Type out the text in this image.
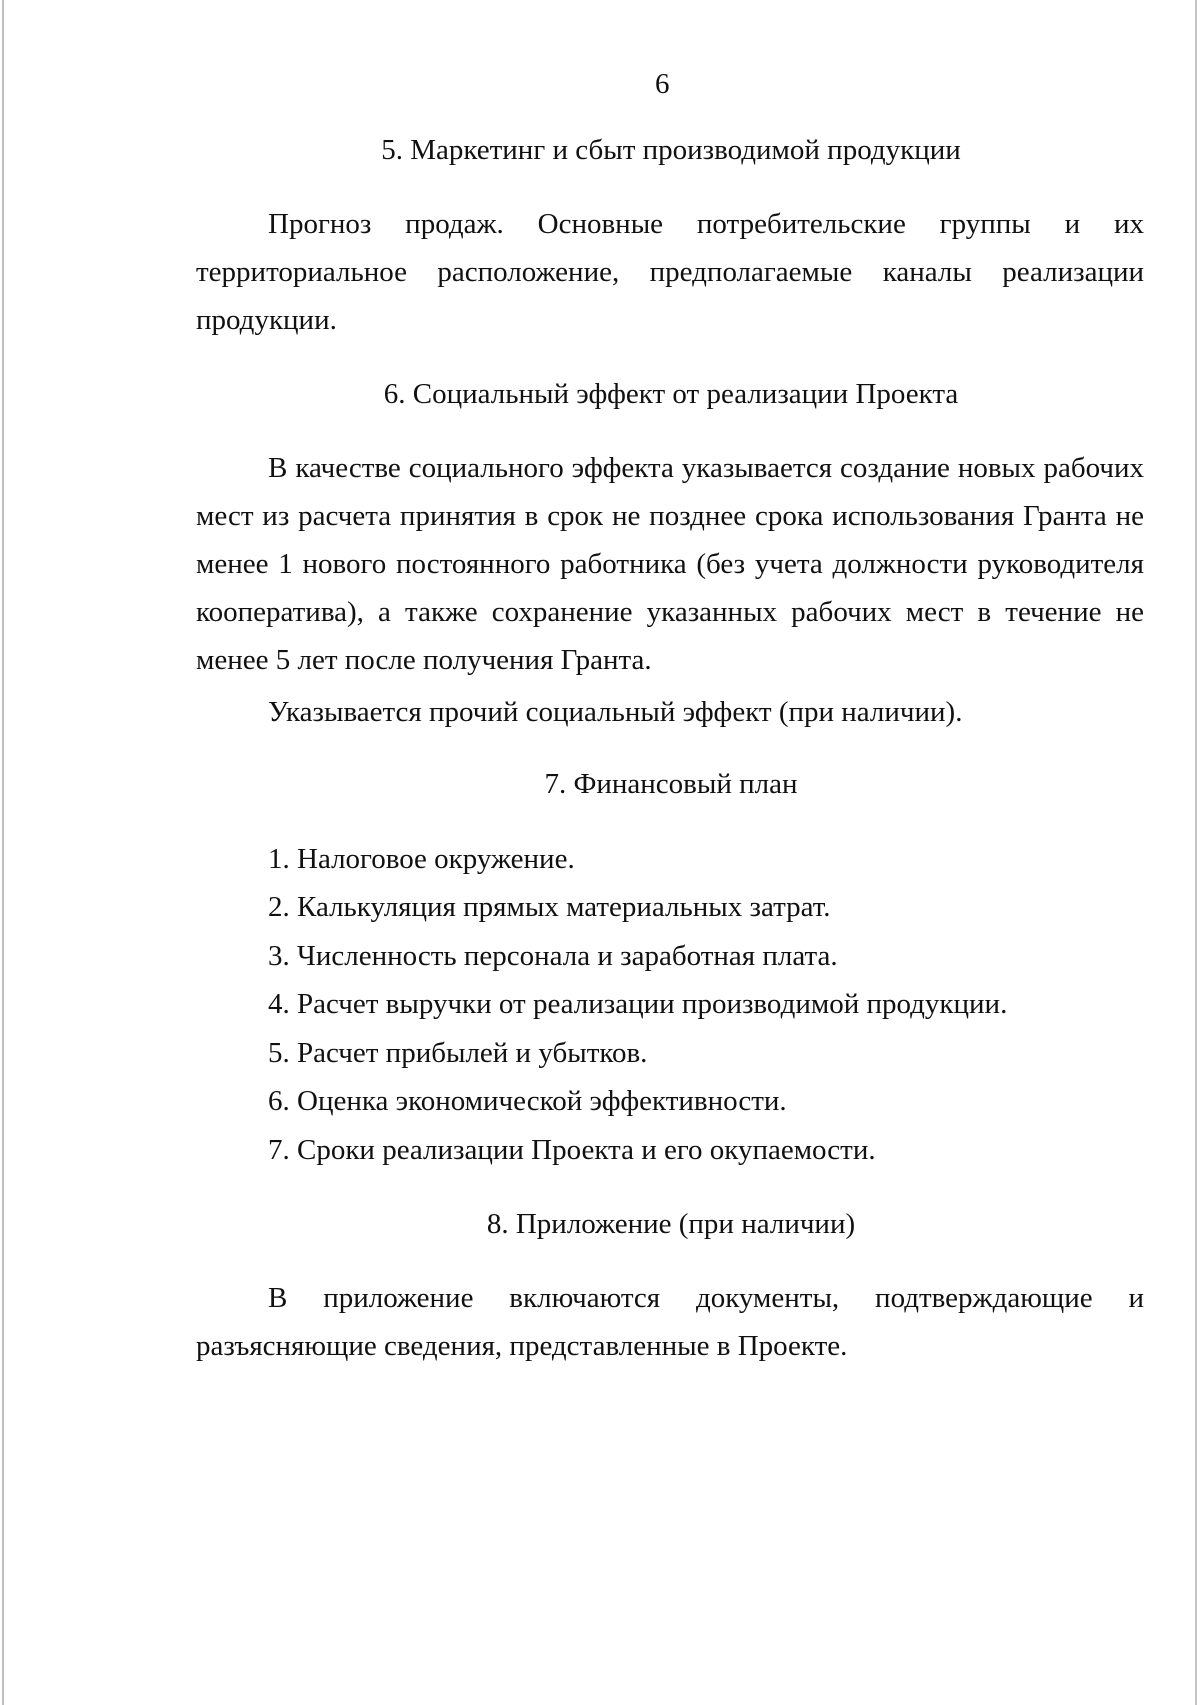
6
5. Маркетинг и сбыт производимой продукции
Прогноз продаж. Основные потребительские группы и их
территориальное расположение, предполагаемые каналы реализации
продукции.
6. Социальный эффект от реализации Проекта
В качестве социального эффекта указывается создание новых рабочих
мест из расчета принятия в срок не позднее срока использования Гранта не
менее 1 нового постоянного работника (без учета должности руководителя
кооператива), а также сохранение указанных рабочих мест в течение не
менее 5 лет после получения Гранта.
Указывается прочий социальный эффект (при наличии).
7. Финансовый план
1. Налоговое окружение.
2. Калькуляция прямых материальных затрат.
3. Численность персонала и заработная плата.
4. Расчет выручки от реализации производимой продукции.
5. Расчет прибылей и убытков.
6. Оценка экономической эффективности.
7. Сроки реализации Проекта и его окупаемости.
8. Приложение (при наличии)
В приложение включаются документы, подтверждающие и
разъясняющие сведения, представленные в Проекте.
